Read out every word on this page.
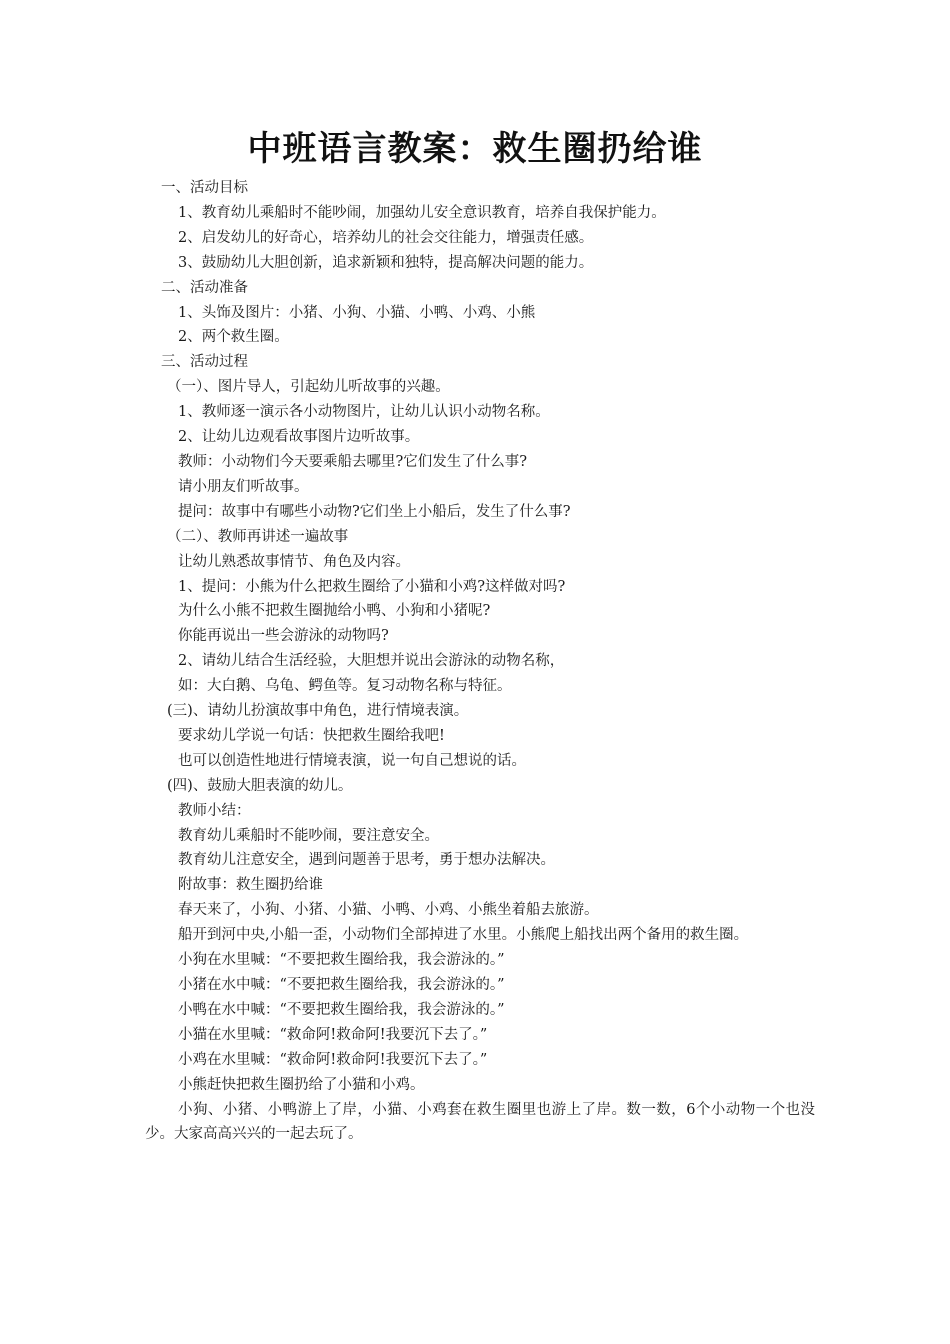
中班语言教案：救生圈扔给谁
一、活动目标
1、教育幼儿乘船时不能吵闹，加强幼儿安全意识教育，培养自我保护能力。
2、启发幼儿的好奇心，培养幼儿的社会交往能力，增强责任感。
3、鼓励幼儿大胆创新，追求新颖和独特，提高解决问题的能力。
二、活动准备
1、头饰及图片：小猪、小狗、小猫、小鸭、小鸡、小熊
2、两个救生圈。
三、活动过程
（一）、图片导人，引起幼儿听故事的兴趣。
1、教师逐一演示各小动物图片，让幼儿认识小动物名称。
2、让幼儿边观看故事图片边听故事。
教师：小动物们今天要乘船去哪里?它们发生了什么事?
请小朋友们听故事。
提问：故事中有哪些小动物?它们坐上小船后，发生了什么事?
（二）、教师再讲述一遍故事
让幼儿熟悉故事情节、角色及内容。
1、提问：小熊为什么把救生圈给了小猫和小鸡?这样做对吗?
为什么小熊不把救生圈抛给小鸭、小狗和小猪呢?
你能再说出一些会游泳的动物吗?
2、请幼儿结合生活经验，大胆想并说出会游泳的动物名称，
如：大白鹅、乌龟、鳄鱼等。复习动物名称与特征。
(三)、请幼儿扮演故事中角色，进行情境表演。
要求幼儿学说一句话：快把救生圈给我吧!
也可以创造性地进行情境表演，说一句自己想说的话。
(四)、鼓励大胆表演的幼儿。
教师小结：
教育幼儿乘船时不能吵闹，要注意安全。
教育幼儿注意安全，遇到问题善于思考，勇于想办法解决。
附故事：救生圈扔给谁
春天来了，小狗、小猪、小猫、小鸭、小鸡、小熊坐着船去旅游。
船开到河中央,小船一歪，小动物们全部掉进了水里。小熊爬上船找出两个备用的救生圈。
小狗在水里喊：“不要把救生圈给我，我会游泳的。”
小猪在水中喊：“不要把救生圈给我，我会游泳的。”
小鸭在水中喊：“不要把救生圈给我，我会游泳的。”
小猫在水里喊：“救命阿!救命阿!我要沉下去了。”
小鸡在水里喊：“救命阿!救命阿!我要沉下去了。”
小熊赶快把救生圈扔给了小猫和小鸡。
小狗、小猪、小鸭游上了岸，小猫、小鸡套在救生圈里也游上了岸。数一数，6个小动物一个也没少。大家高高兴兴的一起去玩了。
